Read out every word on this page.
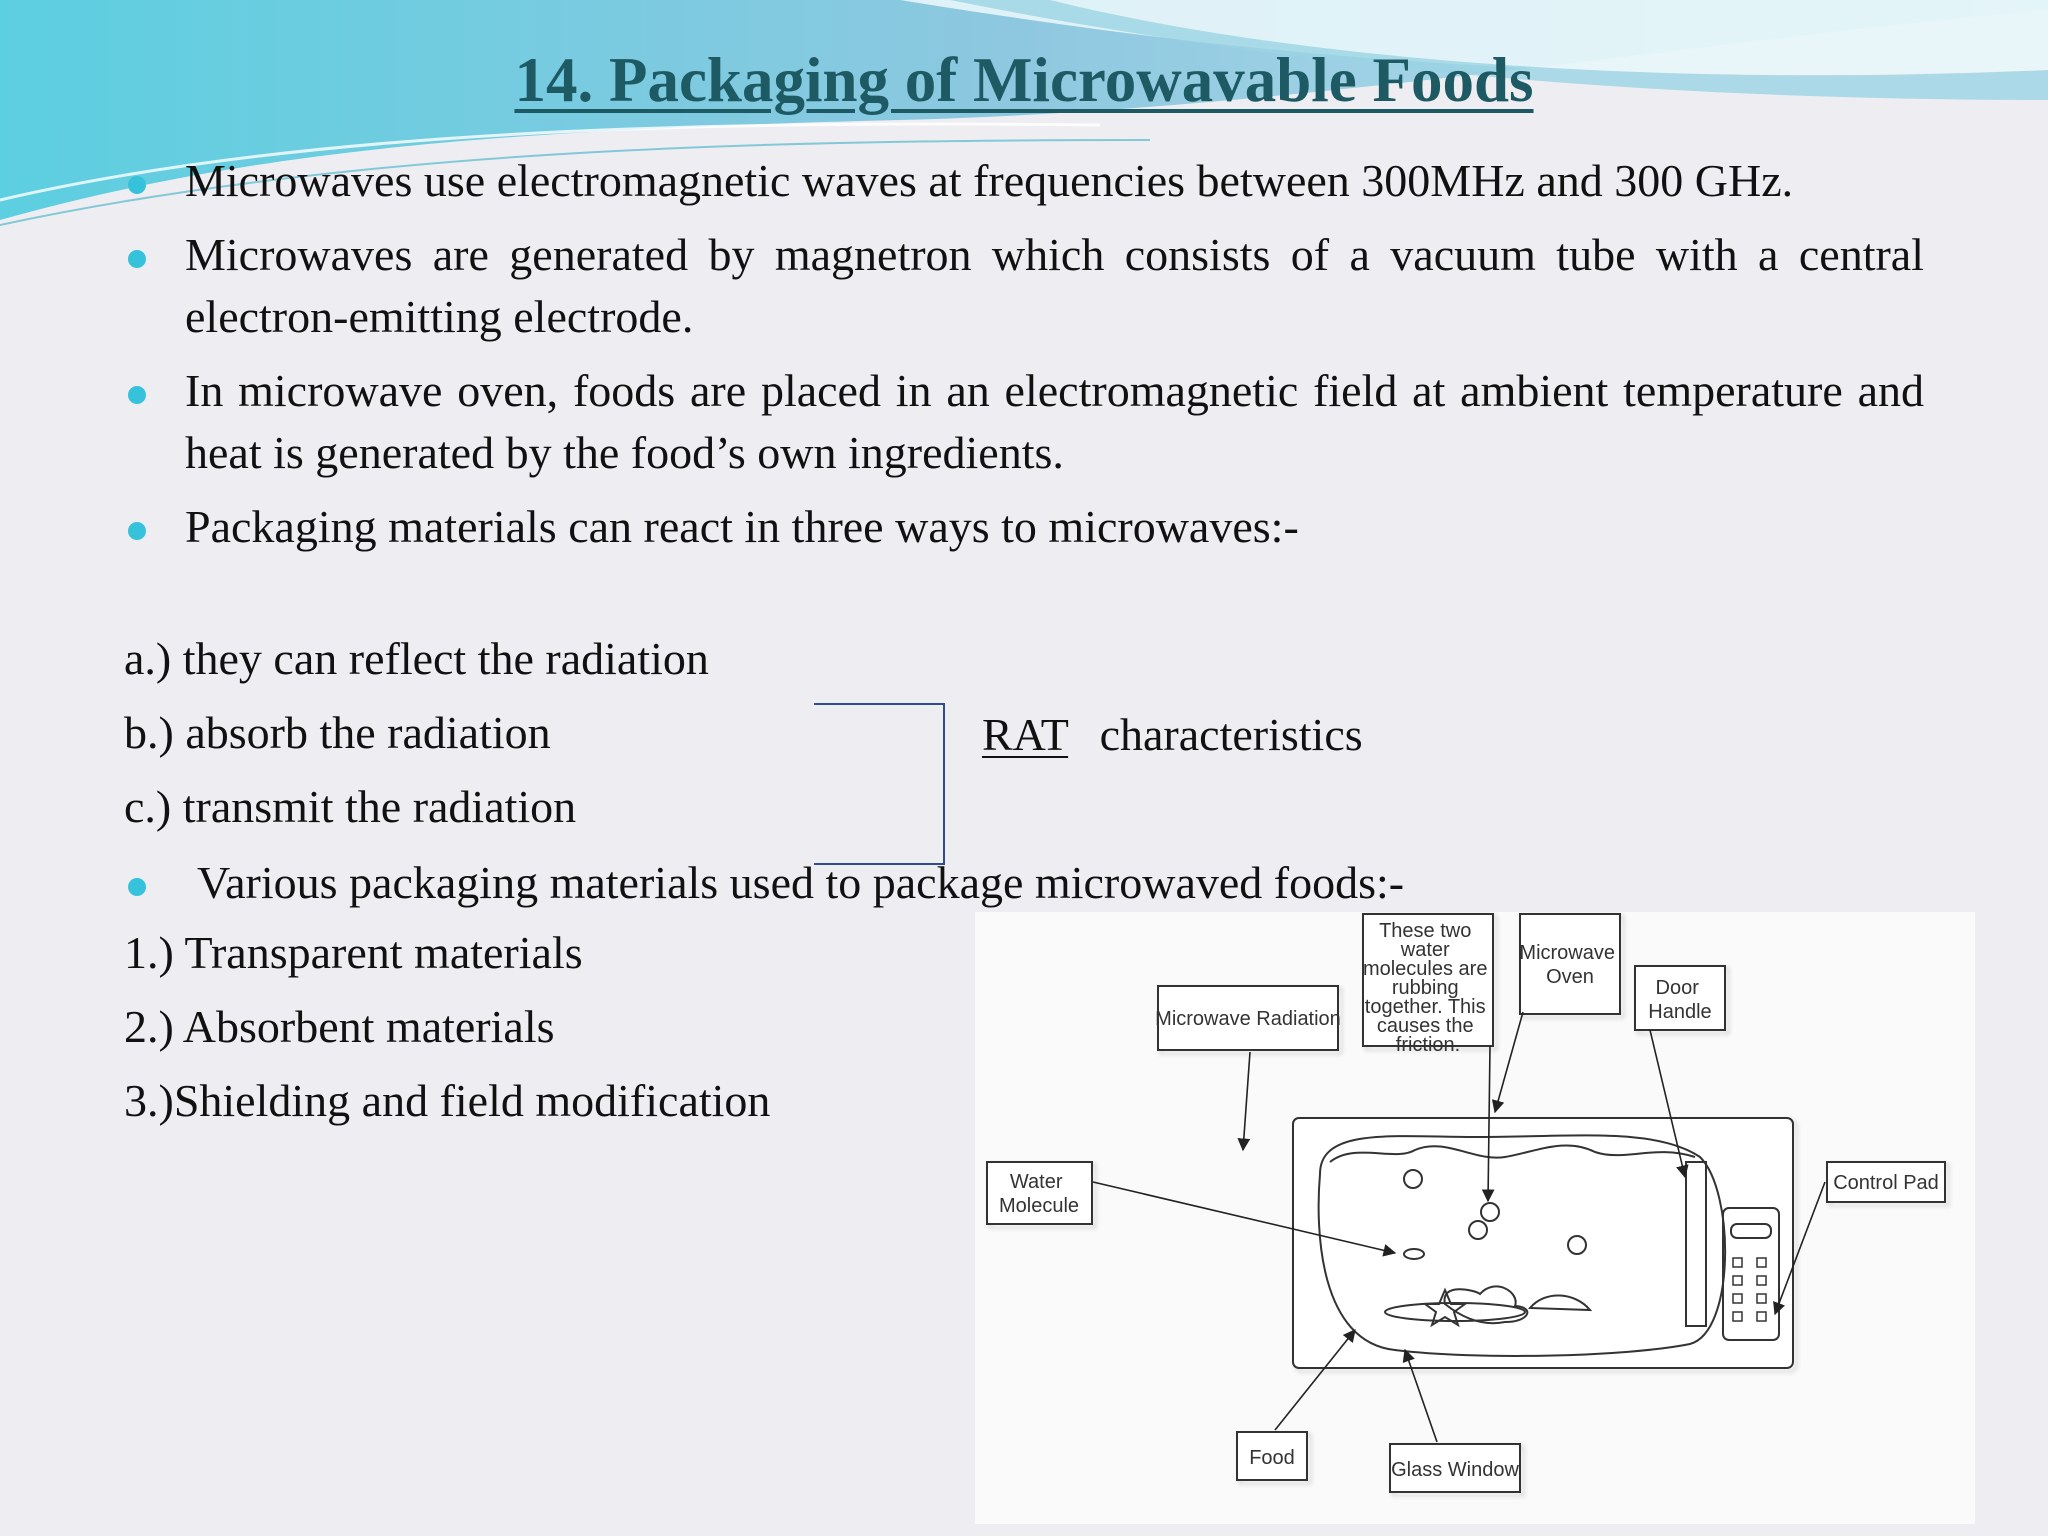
14. Packaging of Microwavable Foods
Microwaves use electromagnetic waves at frequencies between 300MHz and 300 GHz.
Microwaves are generated by magnetron which consists of a vacuum tube with a central electron-emitting electrode.
In microwave oven, foods are placed in an electromagnetic field at ambient temperature and heat is generated by the food’s own ingredients.
Packaging materials can react in three ways to microwaves:-
a.) they can reflect the radiation
b.) absorb the radiation
c.) transmit the radiation
RAT characteristics
Various packaging materials used to package microwaved foods:-
1.) Transparent materials
2.) Absorbent materials
3.)Shielding and field modification
Microwave Radiation
These two water molecules are rubbing together. This causes the friction.
Microwave Oven	Door Handle
Water Molecule
Control Pad
Food
Glass Window
